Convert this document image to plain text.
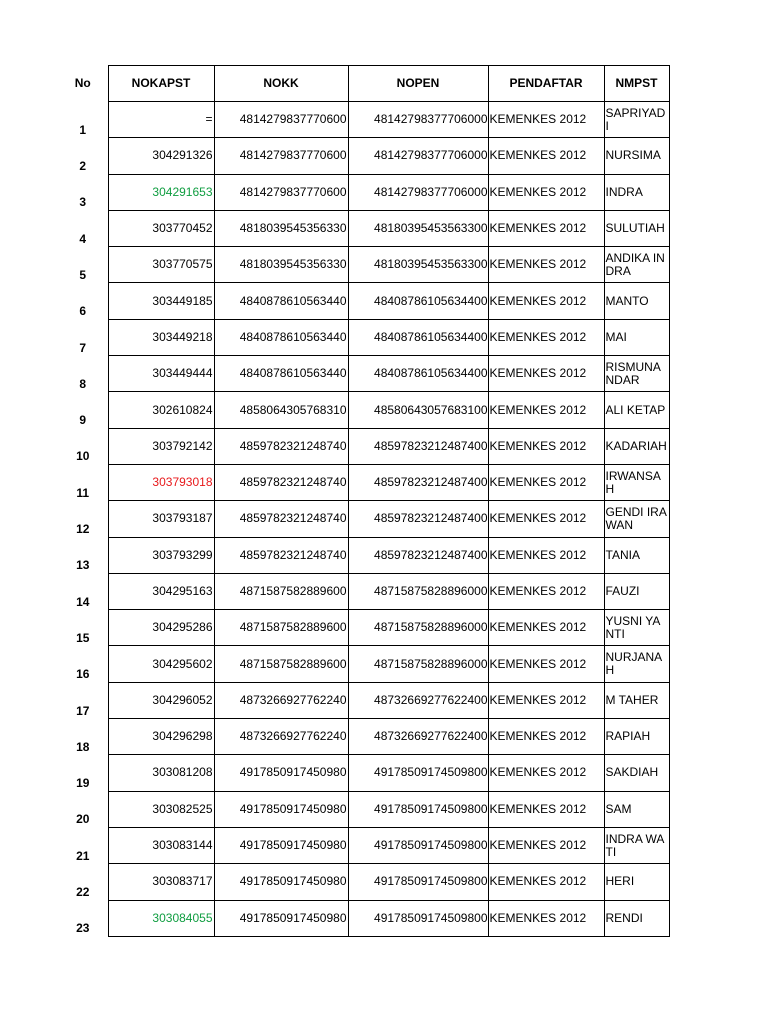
No	NOKAPST	NOKK	NOPEN	PENDAFTAR	NMPST
1	=	4814279837770600	48142798377706000	KEMENKES 2012	SAPRIYADI
2	304291326	4814279837770600	48142798377706000	KEMENKES 2012	NURSIMA
3	304291653	4814279837770600	48142798377706000	KEMENKES 2012	INDRA
4	303770452	4818039545356330	48180395453563300	KEMENKES 2012	SULUTIAH
5	303770575	4818039545356330	48180395453563300	KEMENKES 2012	ANDIKA INDRA
6	303449185	4840878610563440	48408786105634400	KEMENKES 2012	MANTO
7	303449218	4840878610563440	48408786105634400	KEMENKES 2012	MAI
8	303449444	4840878610563440	48408786105634400	KEMENKES 2012	RISMUNANDAR
9	302610824	4858064305768310	48580643057683100	KEMENKES 2012	ALI KETAP
10	303792142	4859782321248740	48597823212487400	KEMENKES 2012	KADARIAH
11	303793018	4859782321248740	48597823212487400	KEMENKES 2012	IRWANSAH
12	303793187	4859782321248740	48597823212487400	KEMENKES 2012	GENDI IRAWAN
13	303793299	4859782321248740	48597823212487400	KEMENKES 2012	TANIA
14	304295163	4871587582889600	48715875828896000	KEMENKES 2012	FAUZI
15	304295286	4871587582889600	48715875828896000	KEMENKES 2012	YUSNI YANTI
16	304295602	4871587582889600	48715875828896000	KEMENKES 2012	NURJANAH
17	304296052	4873266927762240	48732669277622400	KEMENKES 2012	M TAHER
18	304296298	4873266927762240	48732669277622400	KEMENKES 2012	RAPIAH
19	303081208	4917850917450980	49178509174509800	KEMENKES 2012	SAKDIAH
20	303082525	4917850917450980	49178509174509800	KEMENKES 2012	SAM
21	303083144	4917850917450980	49178509174509800	KEMENKES 2012	INDRA WATI
22	303083717	4917850917450980	49178509174509800	KEMENKES 2012	HERI
23	303084055	4917850917450980	49178509174509800	KEMENKES 2012	RENDI
